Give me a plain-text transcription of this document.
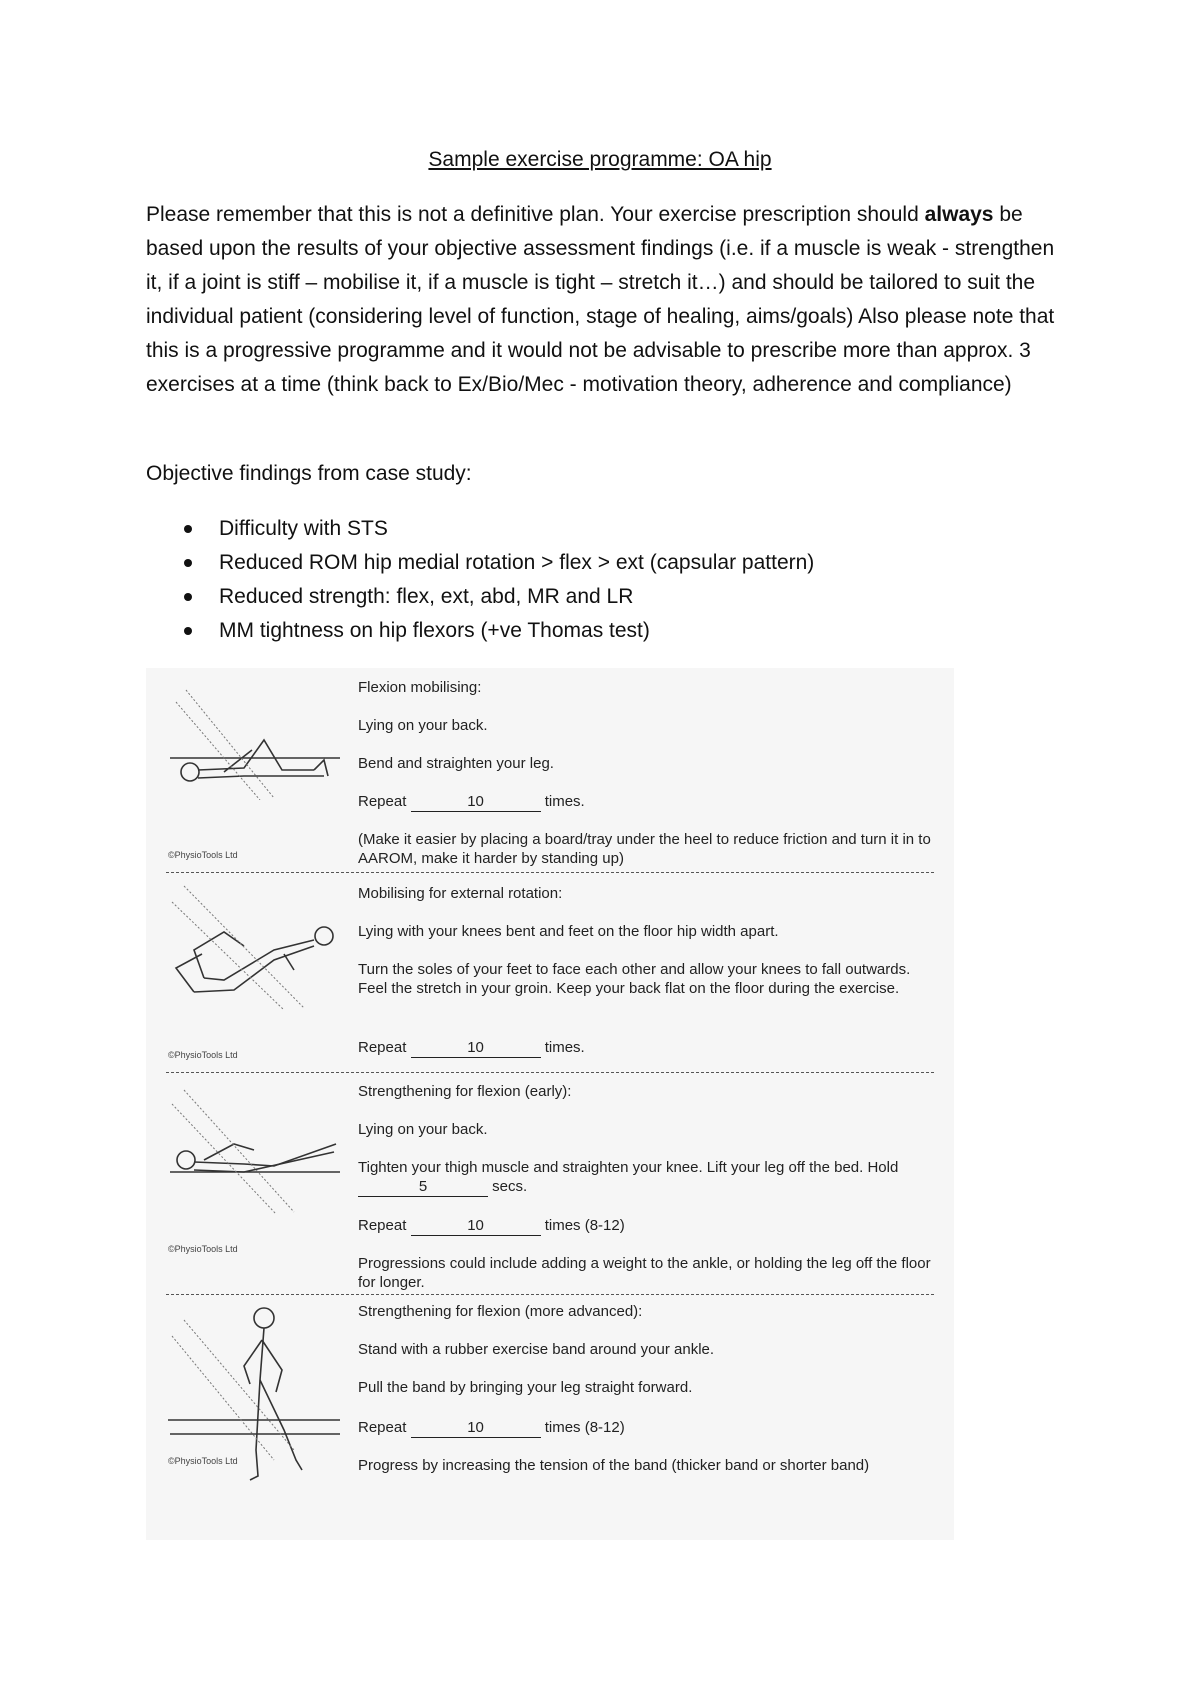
Sample exercise programme: OA hip

Please remember that this is not a definitive plan. Your exercise prescription should always be based upon the results of your objective assessment findings (i.e. if a muscle is weak - strengthen it, if a joint is stiff – mobilise it, if a muscle is tight – stretch it…) and should be tailored to suit the individual patient (considering level of function, stage of healing, aims/goals) Also please note that this is a progressive programme and it would not be advisable to prescribe more than approx. 3 exercises at a time (think back to Ex/Bio/Mec - motivation theory, adherence and compliance)

Objective findings from case study:

Difficulty with STS
Reduced ROM hip medial rotation > flex > ext (capsular pattern)
Reduced strength: flex, ext, abd, MR and LR
MM tightness on hip flexors (+ve Thomas test)
©PhysioTools Ltd

Flexion mobilising:

Lying on your back.

Bend and straighten your leg.

Repeat	10	times.

(Make it easier by placing a board/tray under the heel to reduce friction and turn it in to AAROM, make it harder by standing up)

©PhysioTools Ltd

Mobilising for external rotation:

Lying with your knees bent and feet on the floor hip width apart.

Turn the soles of your feet to face each other and allow your knees to fall outwards. Feel the stretch in your groin. Keep your back flat on the floor during the exercise.

Repeat	10	times.

©PhysioTools Ltd

Strengthening for flexion (early):

Lying on your back.

Tighten your thigh muscle and straighten your knee. Lift your leg off the bed. Hold 5	secs.

Repeat	10	times (8-12)

Progressions could include adding a weight to the ankle, or holding the leg off the floor for longer.

©PhysioTools Ltd

Strengthening for flexion (more advanced):

Stand with a rubber exercise band around your ankle.

Pull the band by bringing your leg straight forward.

Repeat	10	times (8-12)

Progress by increasing the tension of the band (thicker band or shorter band)
